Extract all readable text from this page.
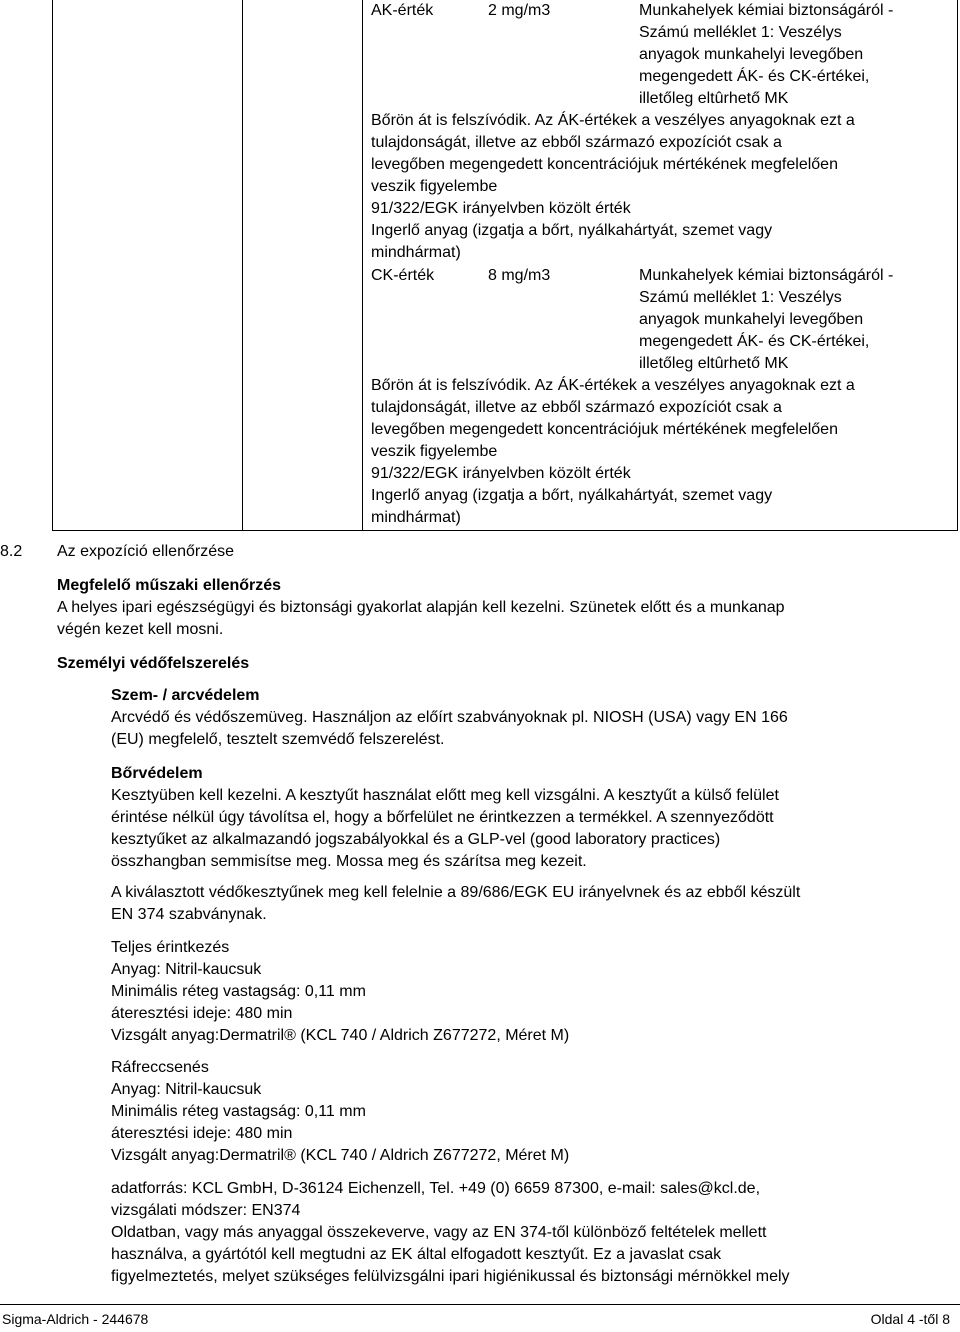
AK-érték	2 mg/m3	Munkahelyek kémiai biztonságáról -
Számú melléklet 1: Veszélys
anyagok munkahelyi levegőben
megengedett ÁK- és CK-értékei,
illetőleg eltûrhető MK
Bőrön át is felszívódik. Az ÁK-értékek a veszélyes anyagoknak ezt a
tulajdonságát, illetve az ebből származó expozíciót csak a
levegőben megengedett koncentrációjuk mértékének megfelelően
veszik figyelembe
91/322/EGK irányelvben közölt érték
Ingerlő anyag (izgatja a bőrt, nyálkahártyát, szemet vagy
mindhármat)
CK-érték	8 mg/m3	Munkahelyek kémiai biztonságáról -
Számú melléklet 1: Veszélys
anyagok munkahelyi levegőben
megengedett ÁK- és CK-értékei,
illetőleg eltûrhető MK
Bőrön át is felszívódik. Az ÁK-értékek a veszélyes anyagoknak ezt a
tulajdonságát, illetve az ebből származó expozíciót csak a
levegőben megengedett koncentrációjuk mértékének megfelelően
veszik figyelembe
91/322/EGK irányelvben közölt érték
Ingerlő anyag (izgatja a bőrt, nyálkahártyát, szemet vagy
mindhármat)
8.2 Az expozíció ellenőrzése
Megfelelő műszaki ellenőrzés
A helyes ipari egészségügyi és biztonsági gyakorlat alapján kell kezelni. Szünetek előtt és a munkanap
végén kezet kell mosni.
Személyi védőfelszerelés
Szem- / arcvédelem
Arcvédő és védőszemüveg. Használjon az előírt szabványoknak pl. NIOSH (USA) vagy EN 166
(EU) megfelelő, tesztelt szemvédő felszerelést.
Bőrvédelem
Kesztyüben kell kezelni. A kesztyűt használat előtt meg kell vizsgálni. A kesztyűt a külső felület
érintése nélkül úgy távolítsa el, hogy a bőrfelület ne érintkezzen a termékkel. A szennyeződött
kesztyűket az alkalmazandó jogszabályokkal és a GLP-vel (good laboratory practices)
összhangban semmisítse meg. Mossa meg és szárítsa meg kezeit.
A kiválasztott védőkesztyűnek meg kell felelnie a 89/686/EGK EU irányelvnek és az ebből készült
EN 374 szabványnak.
Teljes érintkezés
Anyag: Nitril-kaucsuk
Minimális réteg vastagság: 0,11 mm
áteresztési ideje: 480 min
Vizsgált anyag:Dermatril® (KCL 740 / Aldrich Z677272, Méret M)
Ráfreccsenés
Anyag: Nitril-kaucsuk
Minimális réteg vastagság: 0,11 mm
áteresztési ideje: 480 min
Vizsgált anyag:Dermatril® (KCL 740 / Aldrich Z677272, Méret M)
adatforrás: KCL GmbH, D-36124 Eichenzell, Tel. +49 (0) 6659 87300, e-mail: sales@kcl.de,
vizsgálati módszer: EN374
Oldatban, vagy más anyaggal összekeverve, vagy az EN 374-től különböző feltételek mellett
használva, a gyártótól kell megtudni az EK által elfogadott kesztyűt. Ez a javaslat csak
figyelmeztetés, melyet szükséges felülvizsgálni ipari higiénikussal és biztonsági mérnökkel mely
Sigma-Aldrich - 244678	Oldal 4 -től 8
